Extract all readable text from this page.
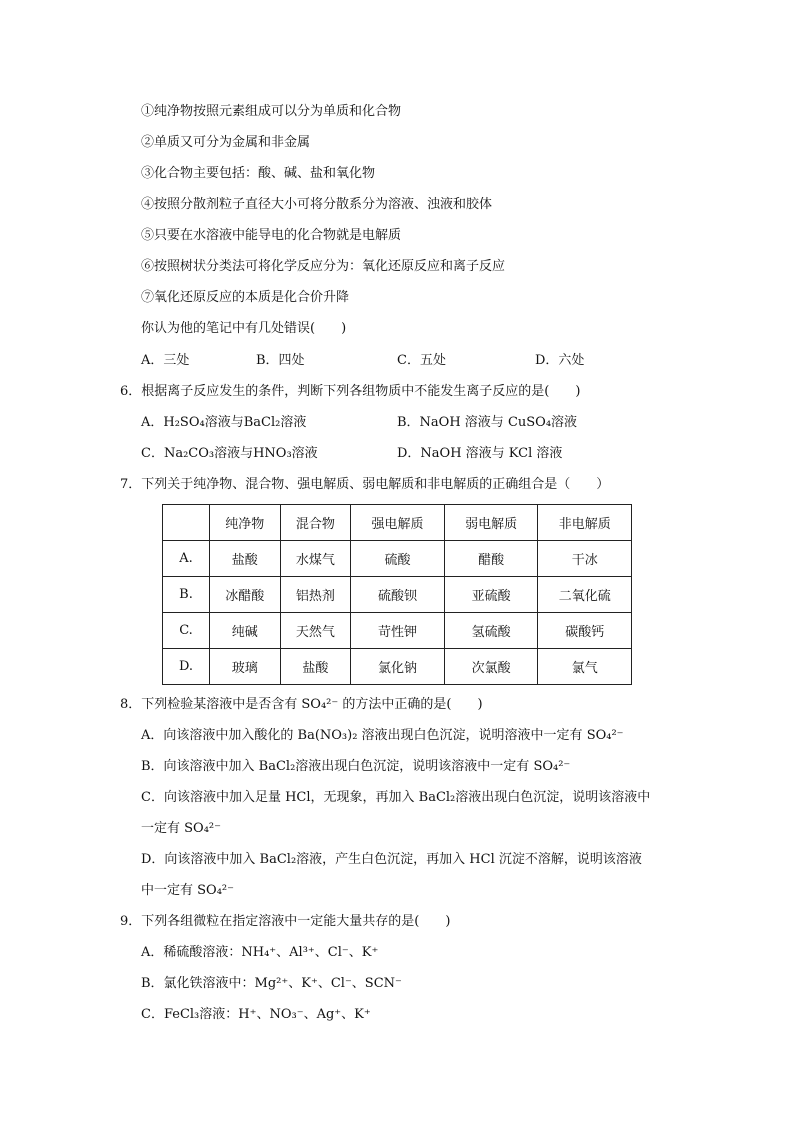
①纯净物按照元素组成可以分为单质和化合物
②单质又可分为金属和非金属
③化合物主要包括：酸、碱、盐和氧化物
④按照分散剂粒子直径大小可将分散系分为溶液、浊液和胶体
⑤只要在水溶液中能导电的化合物就是电解质
⑥按照树状分类法可将化学反应分为：氧化还原反应和离子反应
⑦氧化还原反应的本质是化合价升降
你认为他的笔记中有几处错误(　　)
A．三处	B．四处	C．五处	D．六处
6．根据离子反应发生的条件，判断下列各组物质中不能发生离子反应的是(　　)
A．H₂SO₄溶液与BaCl₂溶液	B．NaOH 溶液与 CuSO₄溶液
C．Na₂CO₃溶液与HNO₃溶液	D．NaOH 溶液与 KCl 溶液
7．下列关于纯净物、混合物、强电解质、弱电解质和非电解质的正确组合是（　　）
	纯净物	混合物	强电解质	弱电解质	非电解质
A.	盐酸	水煤气	硫酸	醋酸	干冰
B.	冰醋酸	铝热剂	硫酸钡	亚硫酸	二氧化硫
C.	纯碱	天然气	苛性钾	氢硫酸	碳酸钙
D.	玻璃	盐酸	氯化钠	次氯酸	氯气
8．下列检验某溶液中是否含有 SO₄²⁻ 的方法中正确的是(　　)
A．向该溶液中加入酸化的 Ba(NO₃)₂ 溶液出现白色沉淀，说明溶液中一定有 SO₄²⁻
B．向该溶液中加入 BaCl₂溶液出现白色沉淀，说明该溶液中一定有 SO₄²⁻
C．向该溶液中加入足量 HCl，无现象，再加入 BaCl₂溶液出现白色沉淀，说明该溶液中
一定有 SO₄²⁻
D．向该溶液中加入 BaCl₂溶液，产生白色沉淀，再加入 HCl 沉淀不溶解，说明该溶液
中一定有 SO₄²⁻
9．下列各组微粒在指定溶液中一定能大量共存的是(　　)
A．稀硫酸溶液：NH₄⁺、Al³⁺、Cl⁻、K⁺
B．氯化铁溶液中：Mg²⁺、K⁺、Cl⁻、SCN⁻
C．FeCl₃溶液：H⁺、NO₃⁻、Ag⁺、K⁺
